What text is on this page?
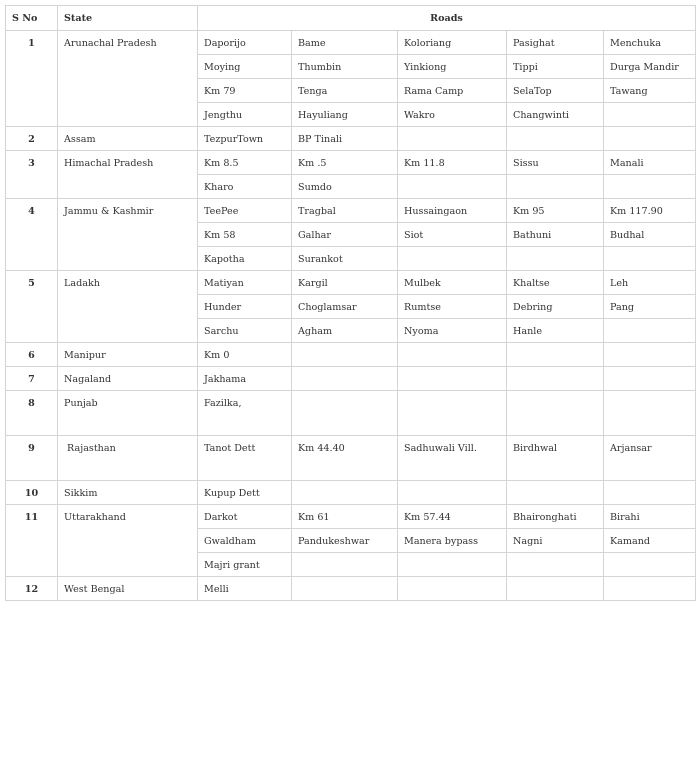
S No	State	Roads				
1	Arunachal Pradesh	Daporijo	Bame	Koloriang	Pasighat	Menchuka
		Moying	Thumbin	Yinkiong	Tippi	Durga Mandir
		Km 79	Tenga	Rama Camp	SelaTop	Tawang
		Jengthu	Hayuliang	Wakro	Changwinti	
2	Assam	TezpurTown	BP Tinali			
3	Himachal Pradesh	Km 8.5	Km .5	Km 11.8	Sissu	Manali
		Kharo	Sumdo			
4	Jammu & Kashmir	TeePee	Tragbal	Hussaingaon	Km 95	Km 117.90
		Km 58	Galhar	Siot	Bathuni	Budhal
		Kapotha	Surankot			
5	Ladakh	Matiyan	Kargil	Mulbek	Khaltse	Leh
		Hunder	Choglamsar	Rumtse	Debring	Pang
		Sarchu	Agham	Nyoma	Hanle	
6	Manipur	Km 0				
7	Nagaland	Jakhama				
8	Punjab	Fazilka,				
9	Rajasthan	Tanot Dett	Km 44.40	Sadhuwali Vill.	Birdhwal	Arjansar
10	Sikkim	Kupup Dett				
11	Uttarakhand	Darkot	Km 61	Km 57.44	Bhaironghati	Birahi
		Gwaldham	Pandukeshwar	Manera bypass	Nagni	Kamand
		Majri grant				
12	West Bengal	Melli				
